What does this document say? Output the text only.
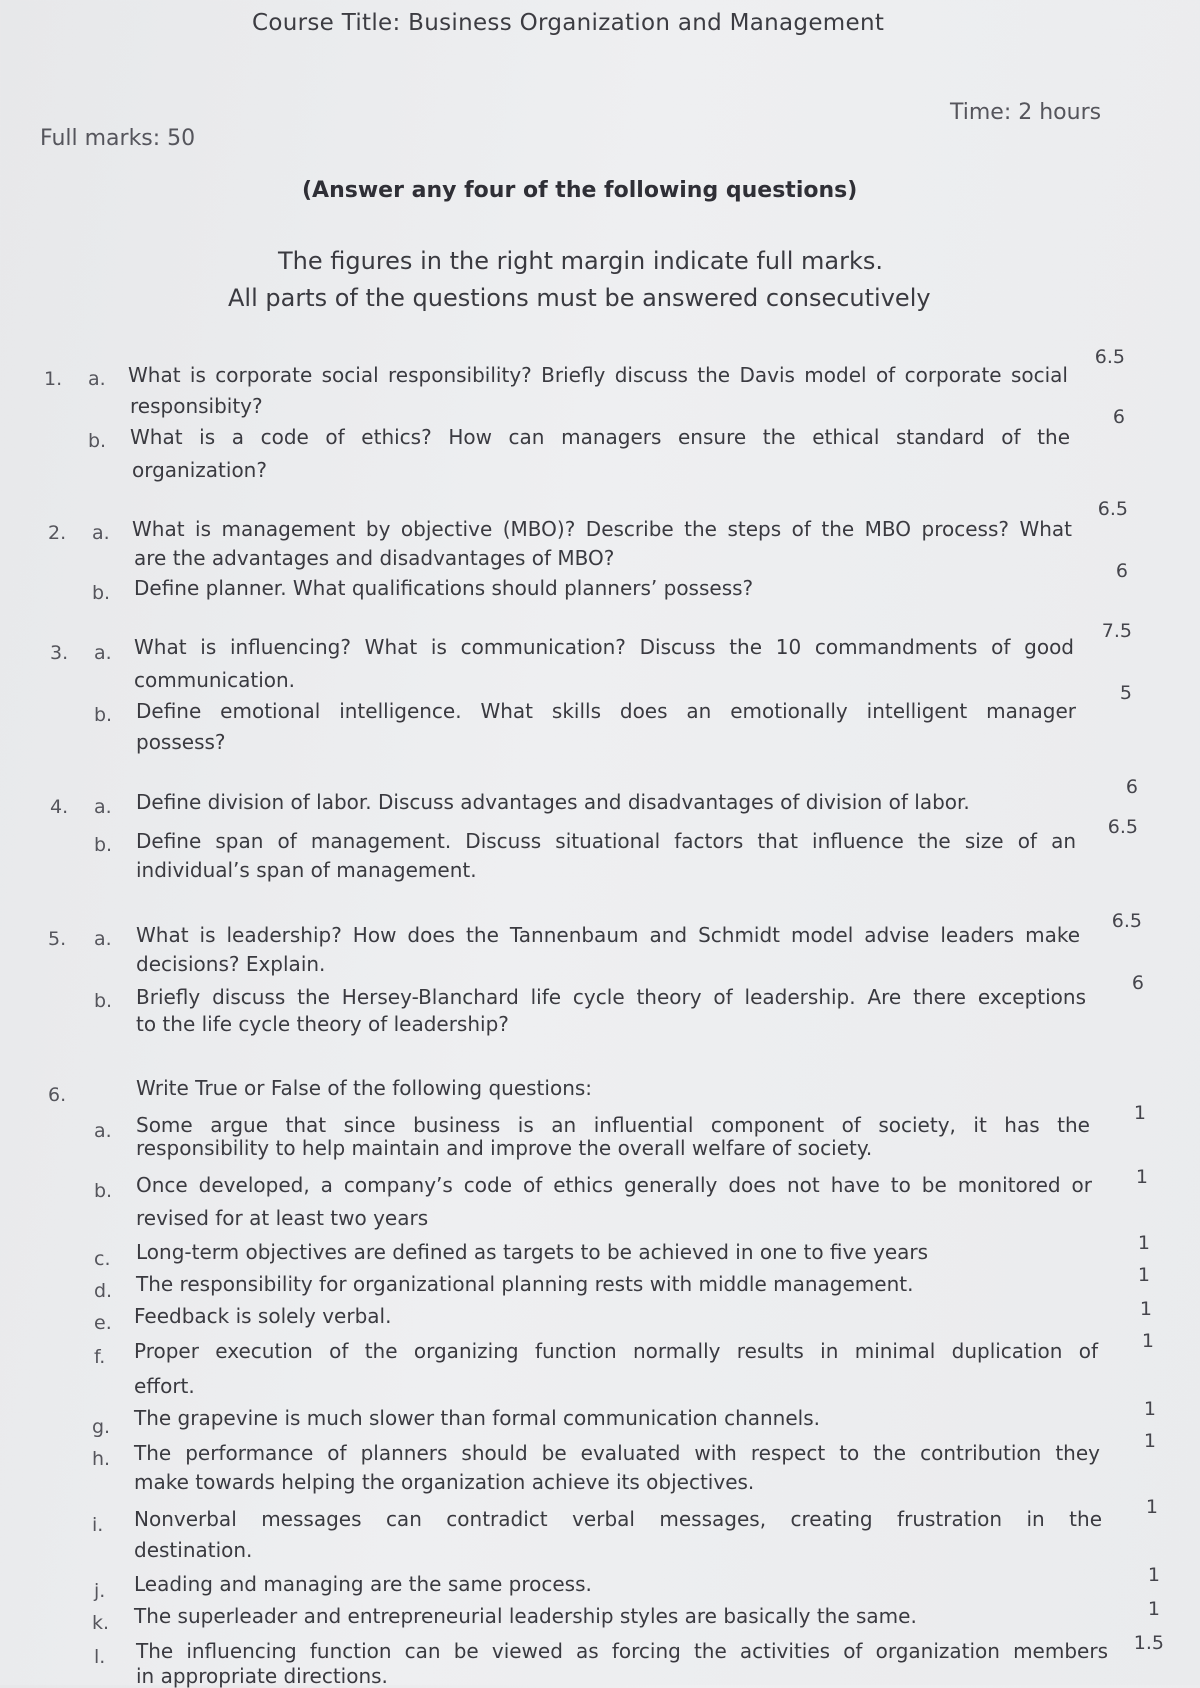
Course Title: Business Organization and Management
Full marks: 50
Time: 2 hours
(Answer any four of the following questions)
The figures in the right margin indicate full marks.
All parts of the questions must be answered consecutively
1. a. What is corporate social responsibility? Briefly discuss the Davis model of corporate social
responsibity?
6.5
b. What is a code of ethics? How can managers ensure the ethical standard of the
organization?
6
2. a. What is management by objective (MBO)? Describe the steps of the MBO process? What
are the advantages and disadvantages of MBO?
6.5
b. Define planner. What qualifications should planners’ possess?
6
3. a. What is influencing? What is communication? Discuss the 10 commandments of good
communication.
7.5
b. Define emotional intelligence. What skills does an emotionally intelligent manager
possess?
5
4. a. Define division of labor. Discuss advantages and disadvantages of division of labor.
6
b. Define span of management. Discuss situational factors that influence the size of an
individual’s span of management.
6.5
5. a. What is leadership? How does the Tannenbaum and Schmidt model advise leaders make
decisions? Explain.
6.5
b. Briefly discuss the Hersey-Blanchard life cycle theory of leadership. Are there exceptions
to the life cycle theory of leadership?
6
6.	Write True or False of the following questions:
a. Some argue that since business is an influential component of society, it has the
responsibility to help maintain and improve the overall welfare of society.
1
b. Once developed, a company’s code of ethics generally does not have to be monitored or
revised for at least two years
1
c. Long-term objectives are defined as targets to be achieved in one to five years	1
d. The responsibility for organizational planning rests with middle management.	1
e. Feedback is solely verbal.	1
f. Proper execution of the organizing function normally results in minimal duplication of
effort.
1
g. The grapevine is much slower than formal communication channels.	1
h. The performance of planners should be evaluated with respect to the contribution they
make towards helping the organization achieve its objectives.
1
i. Nonverbal messages can contradict verbal messages, creating frustration in the
destination.
1
j. Leading and managing are the same process.	1
k. The superleader and entrepreneurial leadership styles are basically the same.	1
l. The influencing function can be viewed as forcing the activities of organization members
in appropriate directions.
1.5
